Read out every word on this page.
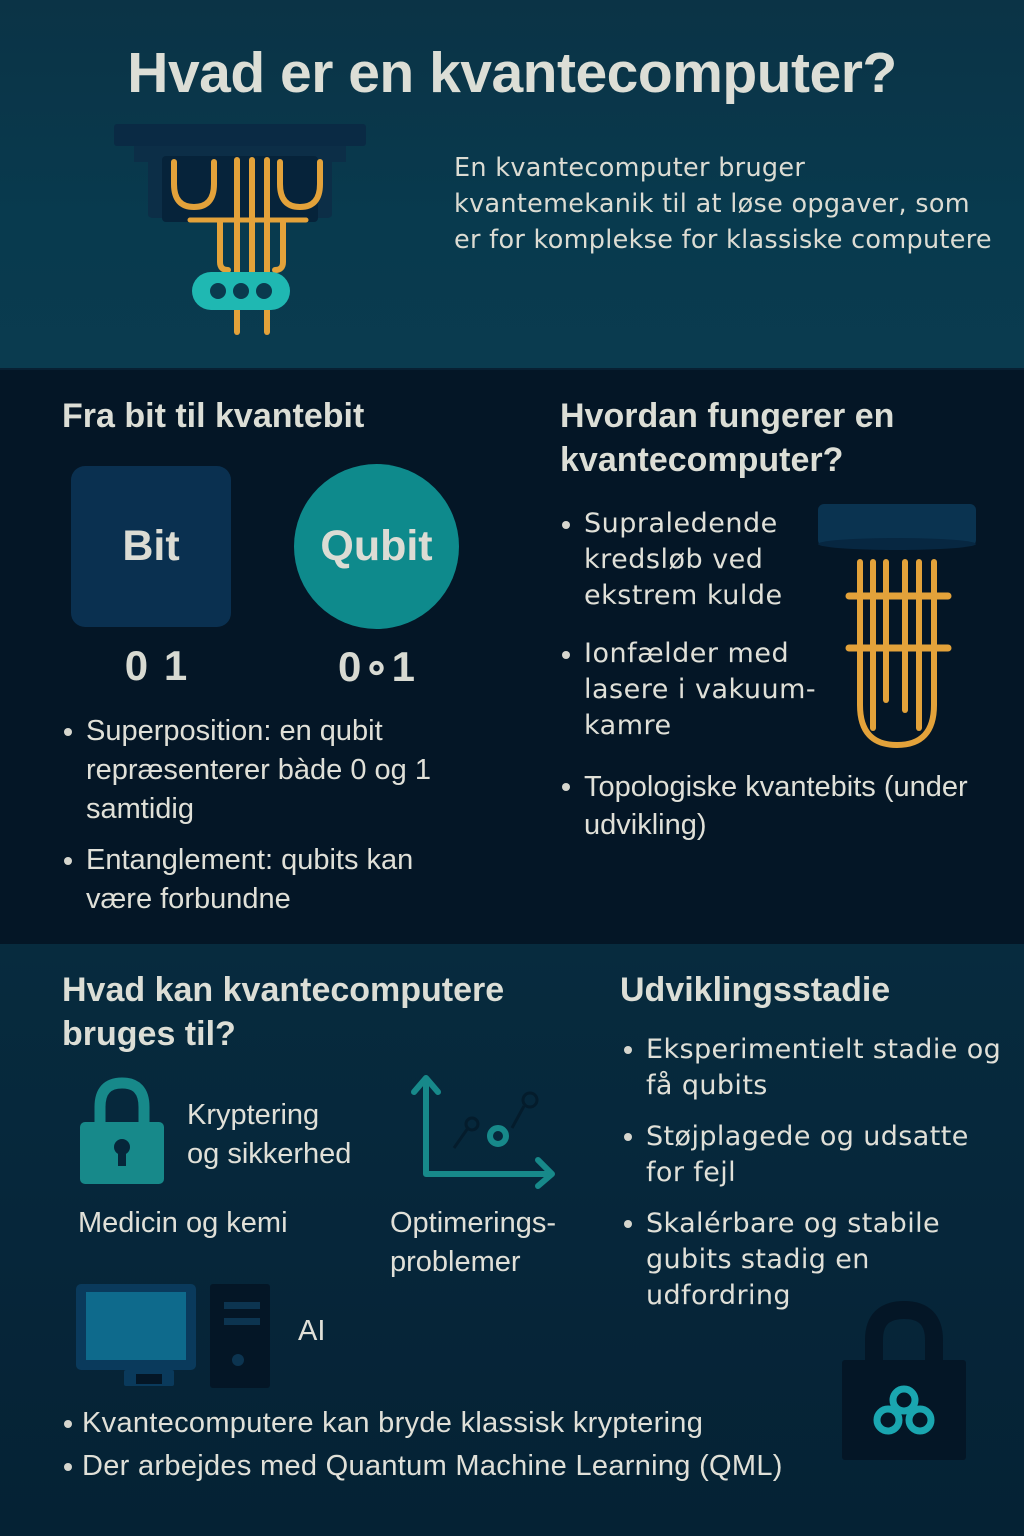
Hvad er en kvantecomputer?

En kvantecomputer bruger kvantemekanik til at løse opgaver, som er for komplekse for klassiske computere

Fra bit til kvantebit
Bit	Qubit
0 1	0∘1
Superposition: en qubit repræsenterer bàde 0 og 1 samtidig
Entanglement: qubits kan være forbundne
Hvordan fungerer en
kvantecomputer?
Supraledende kredsløb ved ekstrem kulde
Ionfælder med lasere i vakuum-kamre
Topologiske kvantebits (under udvikling)
Hvad kan kvantecomputere
bruges til?
Kryptering
og sikkerhed
Medicin og kemi	Optimerings-
problemer
AI
Udviklingsstadie
Eksperimentielt stadie og få qubits
Støjplagede og udsatte for fejl
Skalérbare og stabile gubits stadig en udfordring
Kvantecomputere kan bryde klassisk kryptering
Der arbejdes med Quantum Machine Learning (QML)
